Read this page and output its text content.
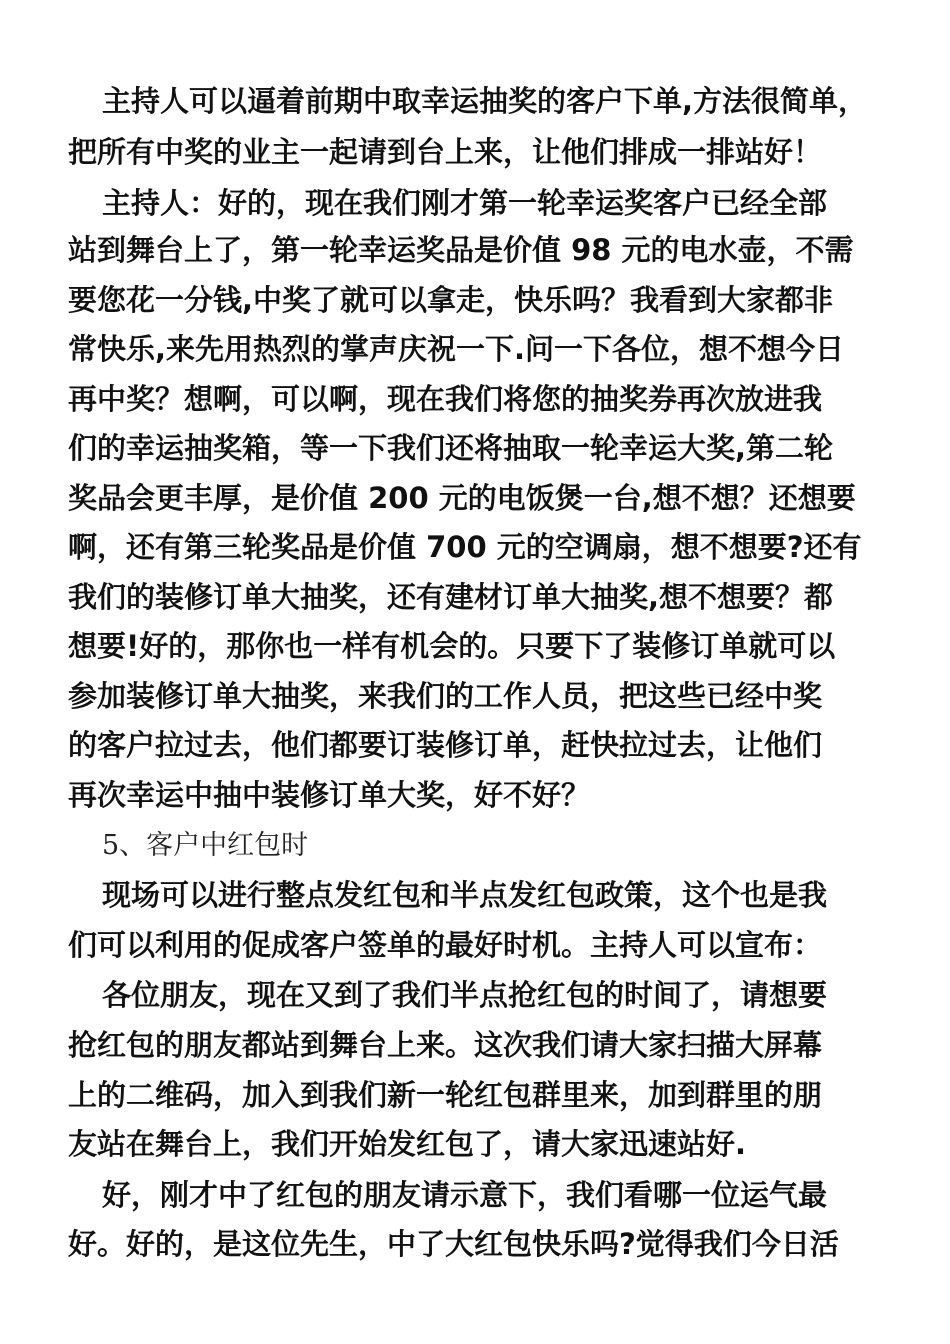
主持人可以逼着前期中取幸运抽奖的客户下单,方法很简单，
把所有中奖的业主一起请到台上来，让他们排成一排站好！
主持人：好的，现在我们刚才第一轮幸运奖客户已经全部
站到舞台上了，第一轮幸运奖品是价值 98 元的电水壶，不需
要您花一分钱,中奖了就可以拿走，快乐吗？我看到大家都非
常快乐,来先用热烈的掌声庆祝一下.问一下各位，想不想今日
再中奖？想啊，可以啊，现在我们将您的抽奖券再次放进我
们的幸运抽奖箱，等一下我们还将抽取一轮幸运大奖,第二轮
奖品会更丰厚，是价值 200 元的电饭煲一台,想不想？还想要
啊，还有第三轮奖品是价值 700 元的空调扇，想不想要?还有
我们的装修订单大抽奖，还有建材订单大抽奖,想不想要？都
想要!好的，那你也一样有机会的。只要下了装修订单就可以
参加装修订单大抽奖，来我们的工作人员，把这些已经中奖
的客户拉过去，他们都要订装修订单，赶快拉过去，让他们
再次幸运中抽中装修订单大奖，好不好？
5、客户中红包时
现场可以进行整点发红包和半点发红包政策，这个也是我
们可以利用的促成客户签单的最好时机。主持人可以宣布：
各位朋友，现在又到了我们半点抢红包的时间了，请想要
抢红包的朋友都站到舞台上来。这次我们请大家扫描大屏幕
上的二维码，加入到我们新一轮红包群里来，加到群里的朋
友站在舞台上，我们开始发红包了，请大家迅速站好.
好，刚才中了红包的朋友请示意下，我们看哪一位运气最
好。好的，是这位先生，中了大红包快乐吗?觉得我们今日活
